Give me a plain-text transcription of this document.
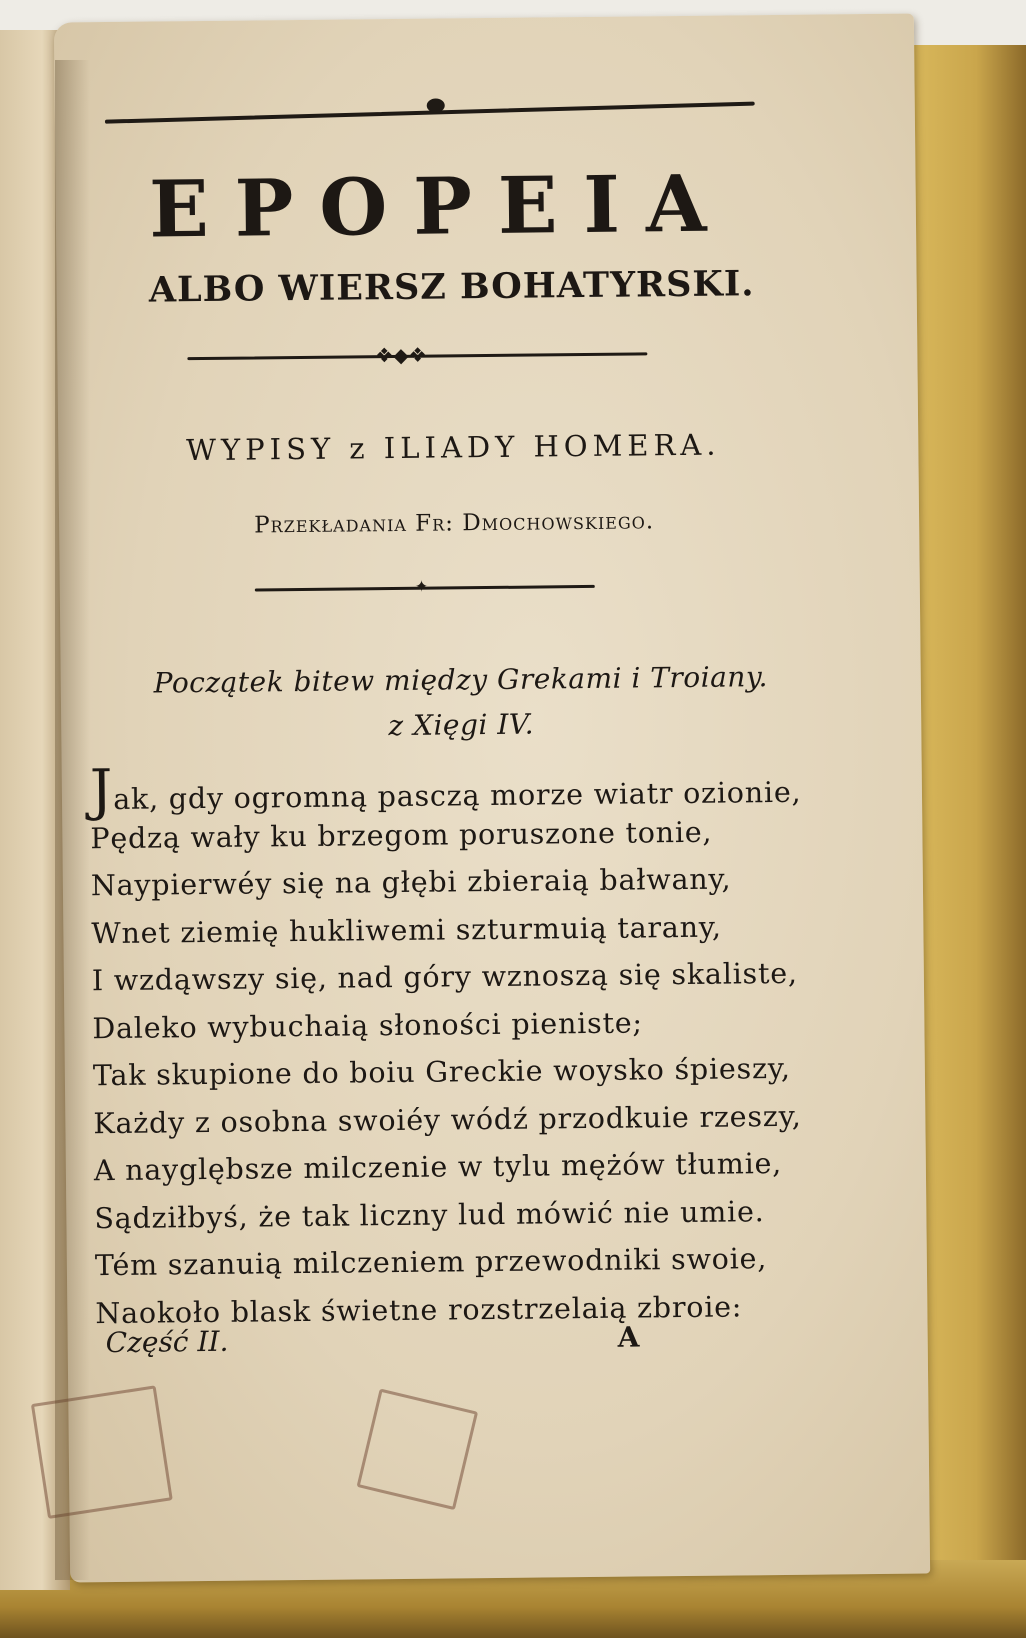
EPOPEIA
ALBO WIERSZ BOHATYRSKI.
❖◆❖
WYPISY z ILIADY HOMERA.
Przekładania Fr: Dmochowskiego.
✦
Początek bitew między Grekami i Troiany.
z Xięgi IV.
Jak, gdy ogromną pasczą morze wiatr ozionie,
Pędzą wały ku brzegom poruszone tonie,
Naypierwéy się na głębi zbieraią bałwany,
Wnet ziemię hukliwemi szturmuią tarany,
I wzdąwszy się, nad góry wznoszą się skaliste,
Daleko wybuchaią słoności pieniste;
Tak skupione do boiu Greckie woysko śpieszy,
Każdy z osobna swoiéy wódź przodkuie rzeszy,
A nayglębsze milczenie w tylu mężów tłumie,
Sądziłbyś, że tak liczny lud mówić nie umie.
Tém szanuią milczeniem przewodniki swoie,
Naokoło blask świetne rozstrzelaią zbroie:
Część II.	A
